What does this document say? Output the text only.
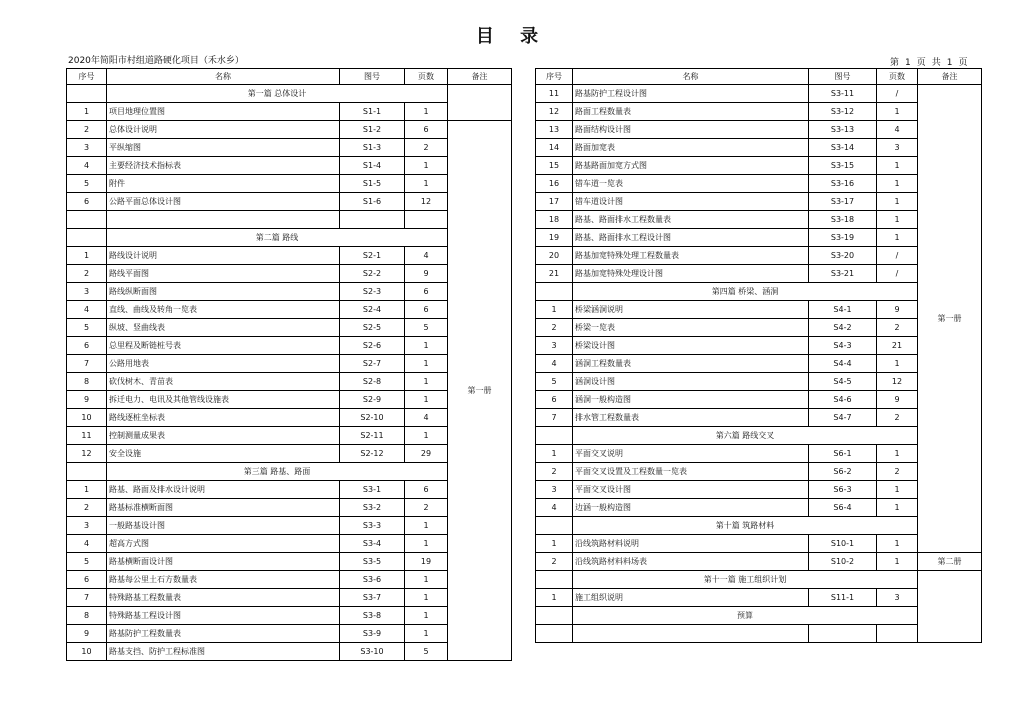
目 录
2020年简阳市村组道路硬化项目（禾水乡）	第 1 页 共 1 页
序号	名称	图号	页数	备注
	第一篇 总体设计			
1	项目地理位置图	S1-1	1	
2	总体设计说明	S1-2	6	第一册
3	平纵缩图	S1-3	2	
4	主要经济技术指标表	S1-4	1	
5	附件	S1-5	1	
6	公路平面总体设计图	S1-6	12	

	第二篇 路线			
1	路线设计说明	S2-1	4	
2	路线平面图	S2-2	9	
3	路线纵断面图	S2-3	6	
4	直线、曲线及转角一览表	S2-4	6	
5	纵坡、竖曲线表	S2-5	5	
6	总里程及断链桩号表	S2-6	1	
7	公路用地表	S2-7	1	
8	砍伐树木、青苗表	S2-8	1	
9	拆迁电力、电讯及其他管线设施表	S2-9	1	
10	路线逐桩坐标表	S2-10	4	
11	控制测量成果表	S2-11	1	
12	安全设施	S2-12	29	
	第三篇 路基、路面			
1	路基、路面及排水设计说明	S3-1	6	
2	路基标准横断面图	S3-2	2	
3	一般路基设计图	S3-3	1	
4	超高方式图	S3-4	1	
5	路基横断面设计图	S3-5	19	
6	路基每公里土石方数量表	S3-6	1	
7	特殊路基工程数量表	S3-7	1	
8	特殊路基工程设计图	S3-8	1	
9	路基防护工程数量表	S3-9	1	
10	路基支挡、防护工程标准图	S3-10	5	
序号	名称	图号	页数	备注
11	路基防护工程设计图	S3-11	/	第一册
12	路面工程数量表	S3-12	1	
13	路面结构设计图	S3-13	4	
14	路面加宽表	S3-14	3	
15	路基路面加宽方式图	S3-15	1	
16	错车道一览表	S3-16	1	
17	错车道设计图	S3-17	1	
18	路基、路面排水工程数量表	S3-18	1	
19	路基、路面排水工程设计图	S3-19	1	
20	路基加宽特殊处理工程数量表	S3-20	/	
21	路基加宽特殊处理设计图	S3-21	/	
	第四篇 桥梁、涵洞			
1	桥梁涵洞说明	S4-1	9	
2	桥梁一览表	S4-2	2	
3	桥梁设计图	S4-3	21	
4	涵洞工程数量表	S4-4	1	
5	涵洞设计图	S4-5	12	
6	涵洞一般构造图	S4-6	9	
7	排水管工程数量表	S4-7	2	
	第六篇 路线交叉			
1	平面交叉说明	S6-1	1	
2	平面交叉设置及工程数量一览表	S6-2	2	
3	平面交叉设计图	S6-3	1	
4	边涵一般构造图	S6-4	1	
	第十篇 筑路材料			
1	沿线筑路材料说明	S10-1	1	
2	沿线筑路材料料场表	S10-2	1	第二册
	第十一篇 施工组织计划			
1	施工组织说明	S11-1	3	
	预算			
